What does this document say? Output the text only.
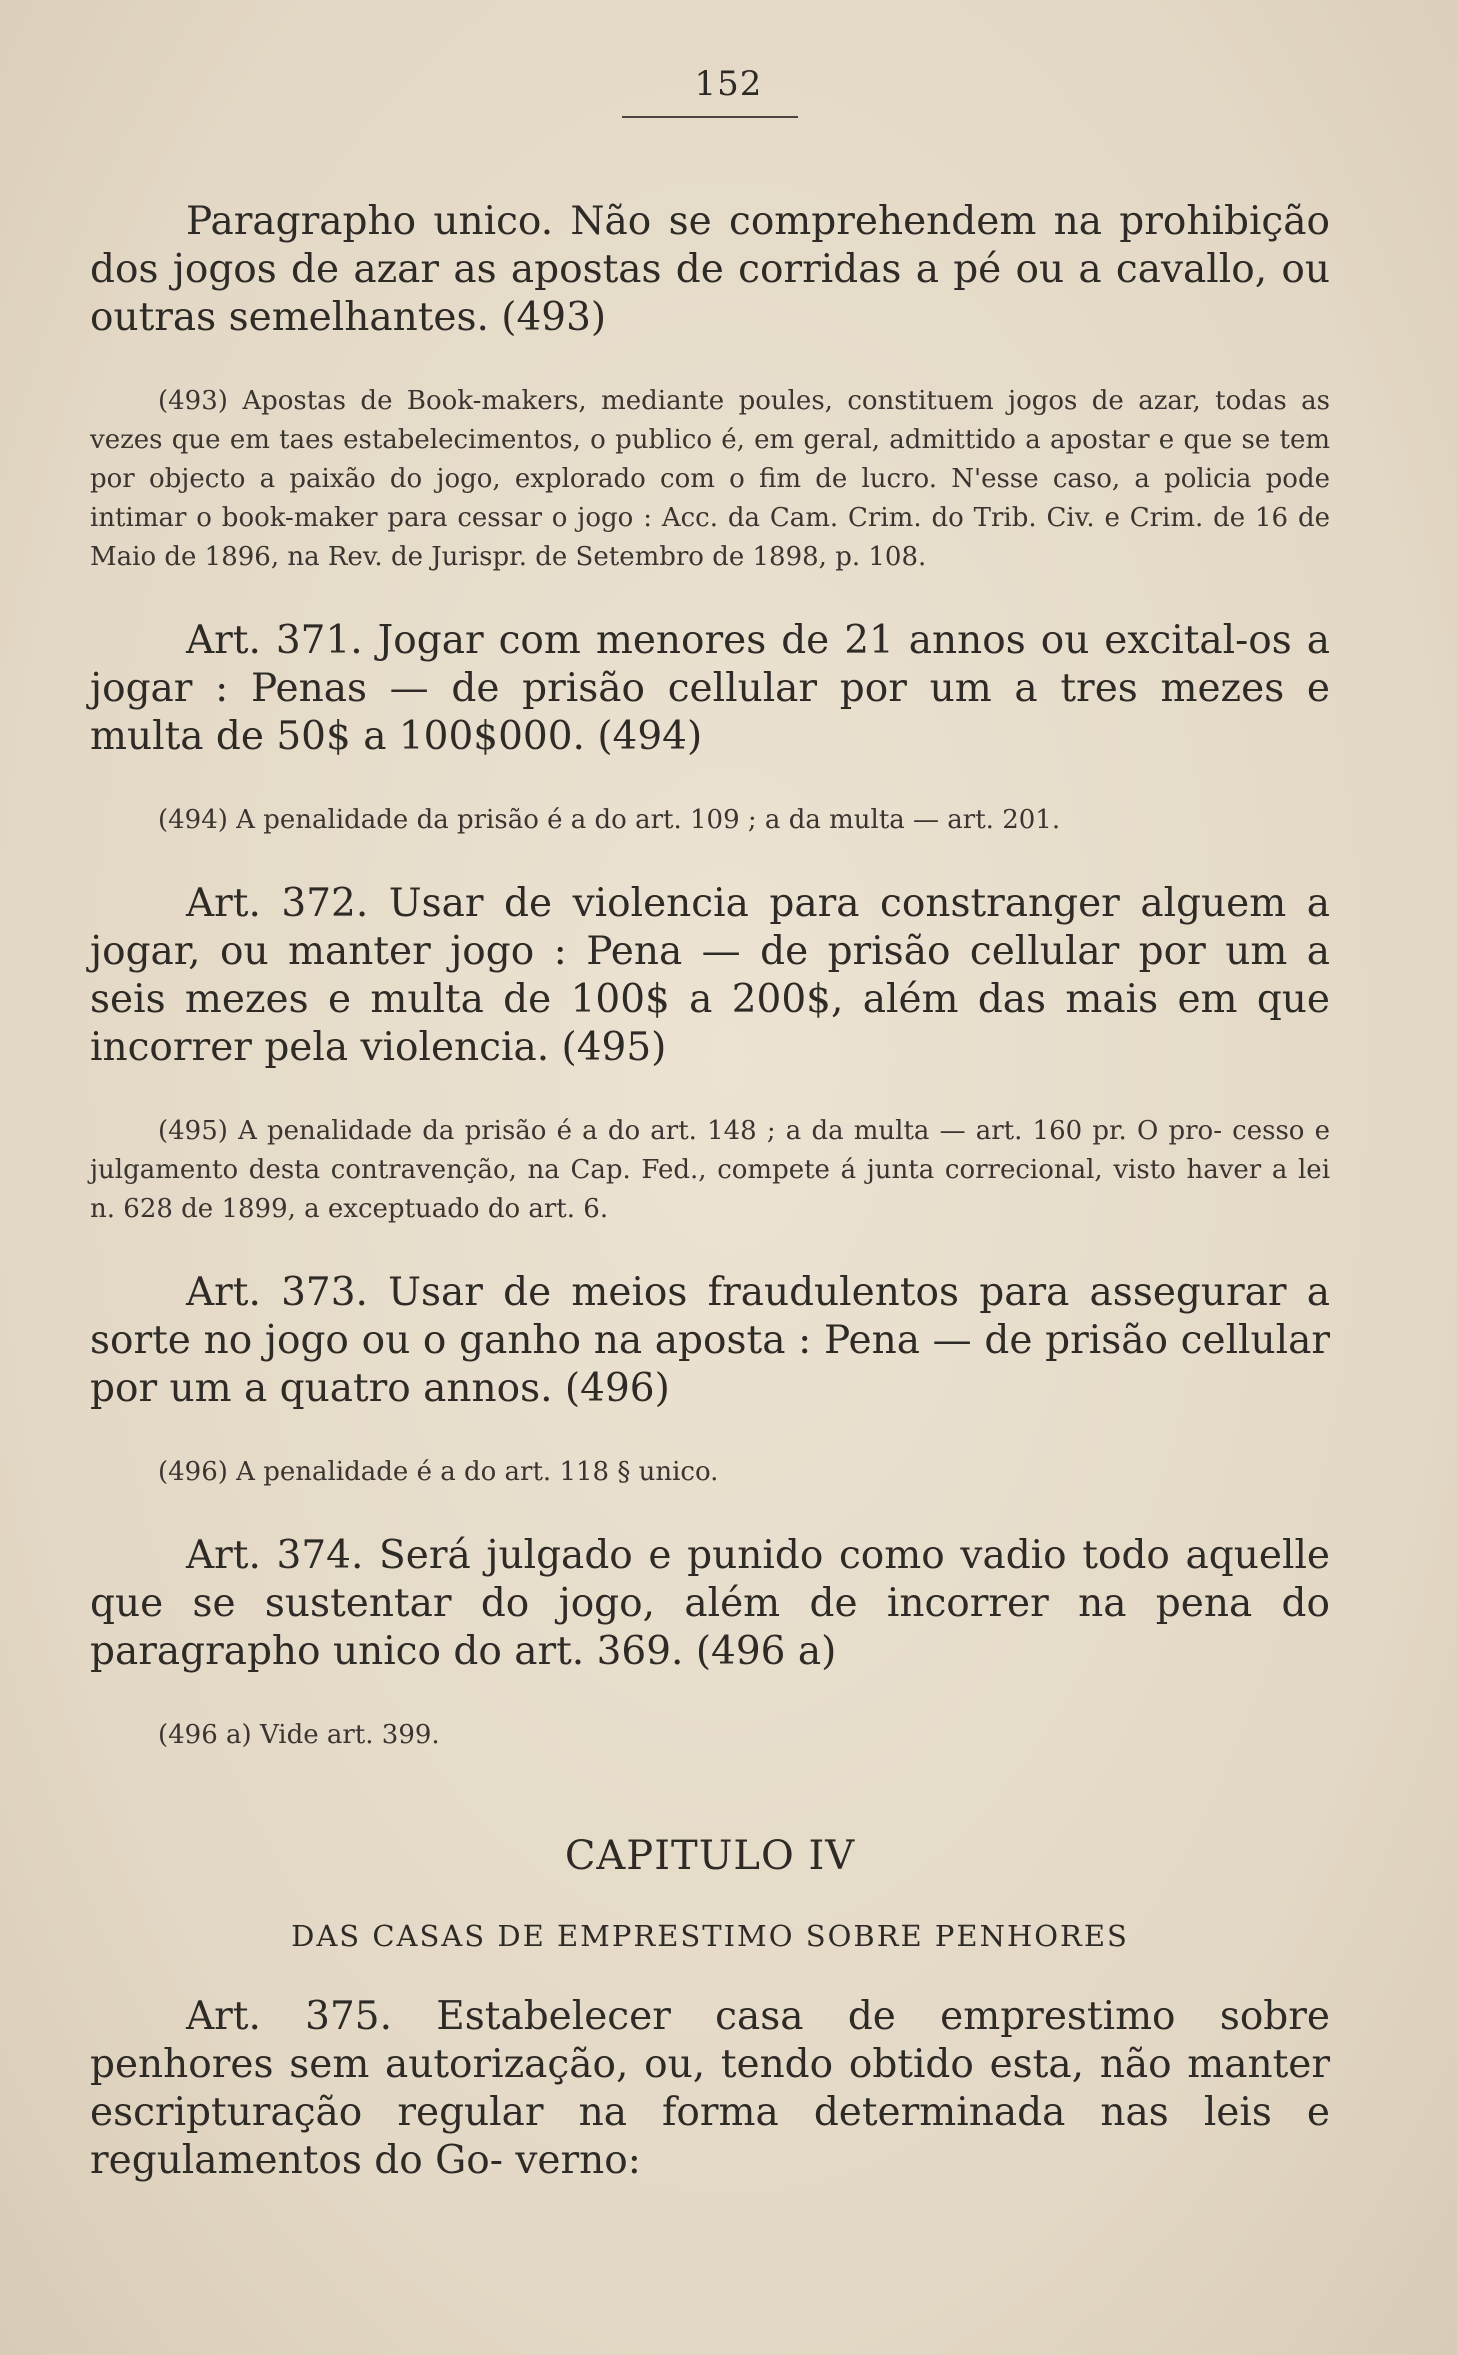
152

Paragrapho unico. Não se comprehendem na prohibição dos jogos de azar as apostas de corridas a pé ou a cavallo, ou outras semelhantes. (493)

(493) Apostas de Book-makers, mediante poules, constituem jogos de azar, todas as vezes que em taes estabelecimentos, o publico é, em geral, admittido a apostar e que se tem por objecto a paixão do jogo, explorado com o fim de lucro. N'esse caso, a policia pode intimar o book-maker para cessar o jogo : Acc. da Cam. Crim. do Trib. Civ. e Crim. de 16 de Maio de 1896, na Rev. de Jurispr. de Setembro de 1898, p. 108.

Art. 371. Jogar com menores de 21 annos ou excital-os a jogar : Penas — de prisão cellular por um a tres mezes e multa de 50$ a 100$000. (494)

(494) A penalidade da prisão é a do art. 109 ; a da multa — art. 201.

Art. 372. Usar de violencia para constranger alguem a jogar, ou manter jogo : Pena — de prisão cellular por um a seis mezes e multa de 100$ a 200$, além das mais em que incorrer pela violencia. (495)

(495) A penalidade da prisão é a do art. 148 ; a da multa — art. 160 pr. O pro- cesso e julgamento desta contravenção, na Cap. Fed., compete á junta correcional, visto haver a lei n. 628 de 1899, a exceptuado do art. 6.

Art. 373. Usar de meios fraudulentos para assegurar a sorte no jogo ou o ganho na aposta : Pena — de prisão cellular por um a quatro annos. (496)

(496) A penalidade é a do art. 118 § unico.

Art. 374. Será julgado e punido como vadio todo aquelle que se sustentar do jogo, além de incorrer na pena do paragrapho unico do art. 369. (496 a)

(496 a) Vide art. 399.

CAPITULO IV

DAS CASAS DE EMPRESTIMO SOBRE PENHORES

Art. 375. Estabelecer casa de emprestimo sobre penhores sem autorização, ou, tendo obtido esta, não manter escripturação regular na forma determinada nas leis e regulamentos do Go- verno:
